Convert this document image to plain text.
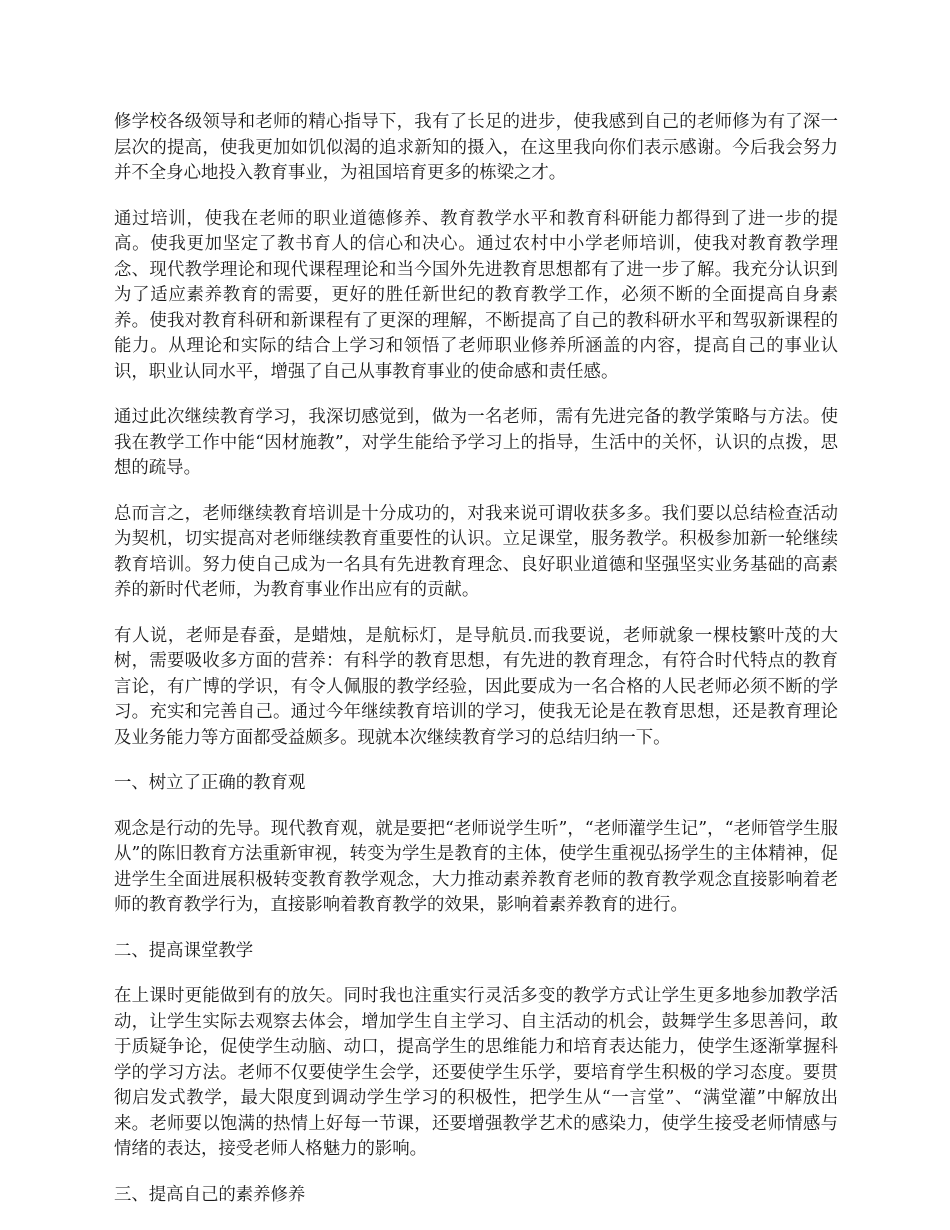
修学校各级领导和老师的精心指导下，我有了长足的进步，使我感到自己的老师修为有了深一层次的提高，使我更加如饥似渴的追求新知的摄入，在这里我向你们表示感谢。今后我会努力并不全身心地投入教育事业，为祖国培育更多的栋梁之才。

通过培训，使我在老师的职业道德修养、教育教学水平和教育科研能力都得到了进一步的提高。使我更加坚定了教书育人的信心和决心。通过农村中小学老师培训，使我对教育教学理念、现代教学理论和现代课程理论和当今国外先进教育思想都有了进一步了解。我充分认识到为了适应素养教育的需要，更好的胜任新世纪的教育教学工作，必须不断的全面提高自身素养。使我对教育科研和新课程有了更深的理解，不断提高了自己的教科研水平和驾驭新课程的能力。从理论和实际的结合上学习和领悟了老师职业修养所涵盖的内容，提高自己的事业认识，职业认同水平，增强了自己从事教育事业的使命感和责任感。

通过此次继续教育学习，我深切感觉到，做为一名老师，需有先进完备的教学策略与方法。使我在教学工作中能“因材施教”，对学生能给予学习上的指导，生活中的关怀，认识的点拨，思想的疏导。

总而言之，老师继续教育培训是十分成功的，对我来说可谓收获多多。我们要以总结检查活动为契机，切实提高对老师继续教育重要性的认识。立足课堂，服务教学。积极参加新一轮继续教育培训。努力使自己成为一名具有先进教育理念、良好职业道德和坚强坚实业务基础的高素养的新时代老师，为教育事业作出应有的贡献。

有人说，老师是春蚕，是蜡烛，是航标灯，是导航员.而我要说，老师就象一棵枝繁叶茂的大树，需要吸收多方面的营养：有科学的教育思想，有先进的教育理念，有符合时代特点的教育言论，有广博的学识，有令人佩服的教学经验，因此要成为一名合格的人民老师必须不断的学习。充实和完善自己。通过今年继续教育培训的学习，使我无论是在教育思想，还是教育理论及业务能力等方面都受益颇多。现就本次继续教育学习的总结归纳一下。

一、树立了正确的教育观

观念是行动的先导。现代教育观，就是要把“老师说学生听”，“老师灌学生记”，“老师管学生服从”的陈旧教育方法重新审视，转变为学生是教育的主体，使学生重视弘扬学生的主体精神，促进学生全面进展积极转变教育教学观念，大力推动素养教育老师的教育教学观念直接影响着老师的教育教学行为，直接影响着教育教学的效果，影响着素养教育的进行。

二、提高课堂教学

在上课时更能做到有的放矢。同时我也注重实行灵活多变的教学方式让学生更多地参加教学活动，让学生实际去观察去体会，增加学生自主学习、自主活动的机会，鼓舞学生多思善问，敢于质疑争论，促使学生动脑、动口，提高学生的思维能力和培育表达能力，使学生逐渐掌握科学的学习方法。老师不仅要使学生会学，还要使学生乐学，要培育学生积极的学习态度。要贯彻启发式教学，最大限度到调动学生学习的积极性，把学生从“一言堂”、“满堂灌”中解放出来。老师要以饱满的热情上好每一节课，还要增强教学艺术的感染力，使学生接受老师情感与情绪的表达，接受老师人格魅力的影响。

三、提高自己的素养修养
